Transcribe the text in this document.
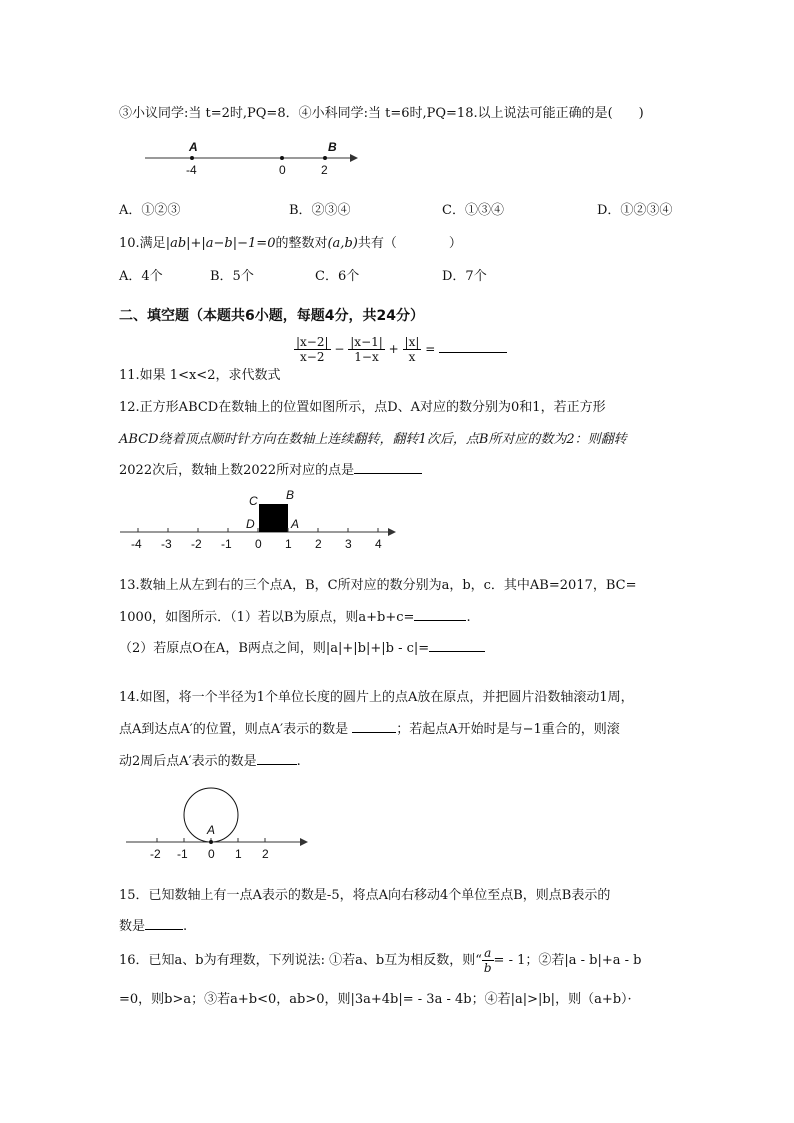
③小议同学:当 t=2时,PQ=8．④小科同学:当 t=6时,PQ=18.以上说法可能正确的是(　　)
A	B
-4	0	2
A．①②③	B．②③④	C．①③④	D．①②③④
10.满足|ab|+|a−b|−1=0的整数对(a,b)共有（　　　　）
A．4个	B．5个	C．6个	D．7个
二、填空题（本题共6小题，每题4分，共24分）
$\frac{|x-2|}{x-2} - \frac{|x-1|}{1-x} + \frac{|x|}{x}$ =
11.如果 1<x<2，求代数式
12.正方形ABCD在数轴上的位置如图所示，点D、A对应的数分别为0和1，若正方形
ABCD绕着顶点顺时针方向在数轴上连续翻转，翻转1次后，点B所对应的数为2：则翻转
2022次后，数轴上数2022所对应的点是
-4 -3 -2 -1 0 1 2 3 4
C B
D	A
13.数轴上从左到右的三个点A，B，C所对应的数分别为a，b，c．其中AB=2017，BC=
1000，如图所示．（1）若以B为原点，则a+b+c=	.
（2）若原点O在A，B两点之间，则|a|+|b|+|b - c|=
14.如图，将一个半径为1个单位长度的圆片上的点A放在原点，并把圆片沿数轴滚动1周，
点A到达点A′的位置，则点A′表示的数是	；若起点A开始时是与−1重合的，则滚
动2周后点A′表示的数是	.
-2 -1 0 1 2
A
15．已知数轴上有一点A表示的数是-5，将点A向右移动4个单位至点B，则点B表示的
数是	.
16．已知a、b为有理数，下列说法: ①若a、b互为相反数，则“ $\frac{a}{b}$ = - 1；②若|a - b|+a - b
=0，则b>a；③若a+b<0，ab>0，则|3a+4b|= - 3a - 4b；④若|a|>|b|，则（a+b）·
